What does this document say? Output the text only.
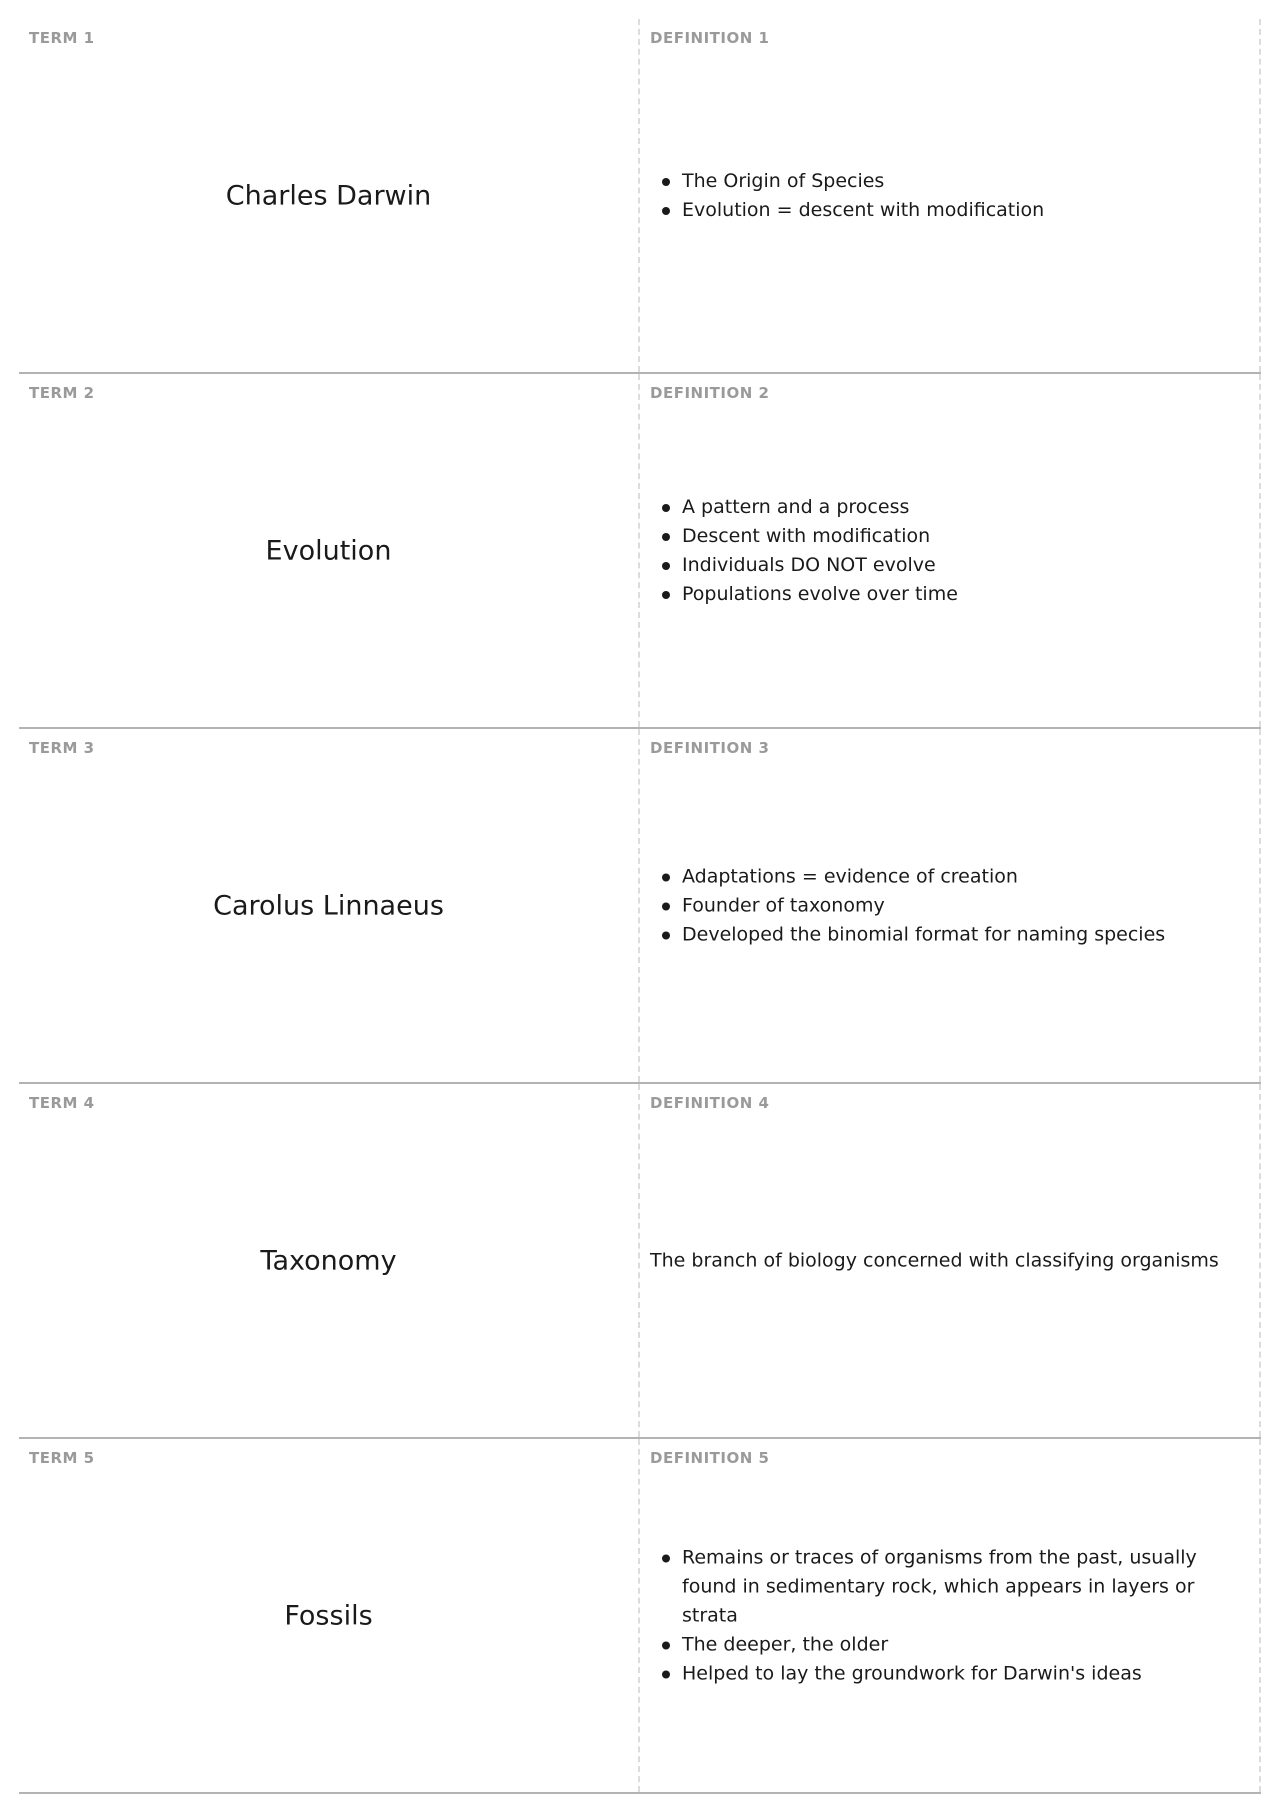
TERM 1
Charles Darwin
DEFINITION 1
The Origin of Species
Evolution = descent with modification
TERM 2
Evolution
DEFINITION 2
A pattern and a process
Descent with modification
Individuals DO NOT evolve
Populations evolve over time
TERM 3
Carolus Linnaeus
DEFINITION 3
Adaptations = evidence of creation
Founder of taxonomy
Developed the binomial format for naming species
TERM 4
Taxonomy
DEFINITION 4

The branch of biology concerned with classifying organisms

TERM 5
Fossils
DEFINITION 5
Remains or traces of organisms from the past, usually found in sedimentary rock, which appears in layers or strata
The deeper, the older
Helped to lay the groundwork for Darwin's ideas
